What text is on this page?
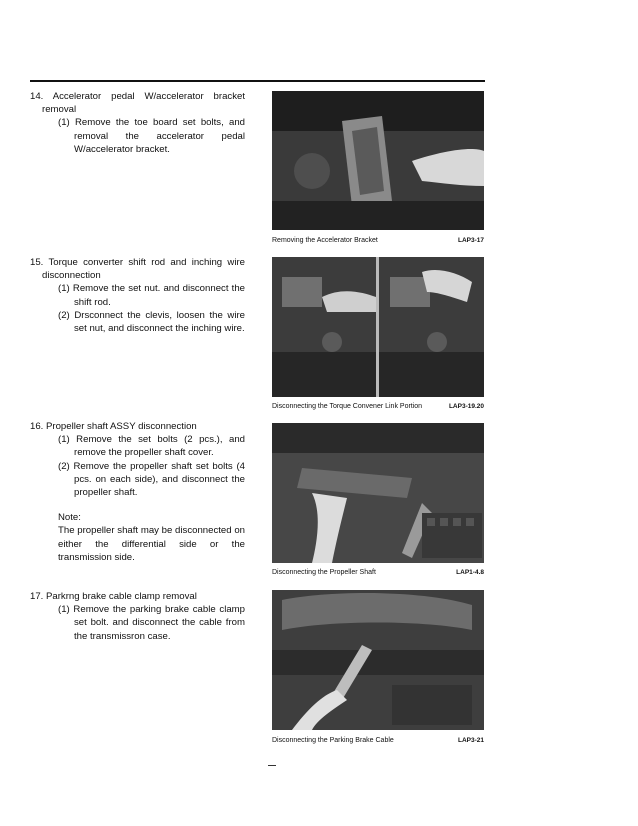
14. Accelerator pedal W/accelerator bracket removal

(1) Remove the toe board set bolts, and removal the accelerator pedal W/accelerator bracket.

15. Torque converter shift rod and inching wire disconnection

(1) Remove the set nut. and disconnect the shift rod.

(2) Drsconnect the clevis, loosen the wire set nut, and disconnect the inching wire.

16. Propeller shaft ASSY disconnection

(1) Remove the set bolts (2 pcs.), and remove the propeller shaft cover.

(2) Remove the propeller shaft set bolts (4 pcs. on each side), and disconnect the propeller shaft.

Note:

The propeller shaft may be disconnected on either the differential side or the transmission side.

17. Parkrng brake cable clamp removal

(1) Remove the parking brake cable clamp set bolt. and disconnect the cable from the transmissron case.

Removing the Accelerator Bracket	LAP3-17
Disconnecting the Torque Convener Link Portion	LAP3-19.20
Disconnecting the Propeller Shaft	LAP1-4.8
Disconnecting the Parking Brake Cable	LAP3-21
